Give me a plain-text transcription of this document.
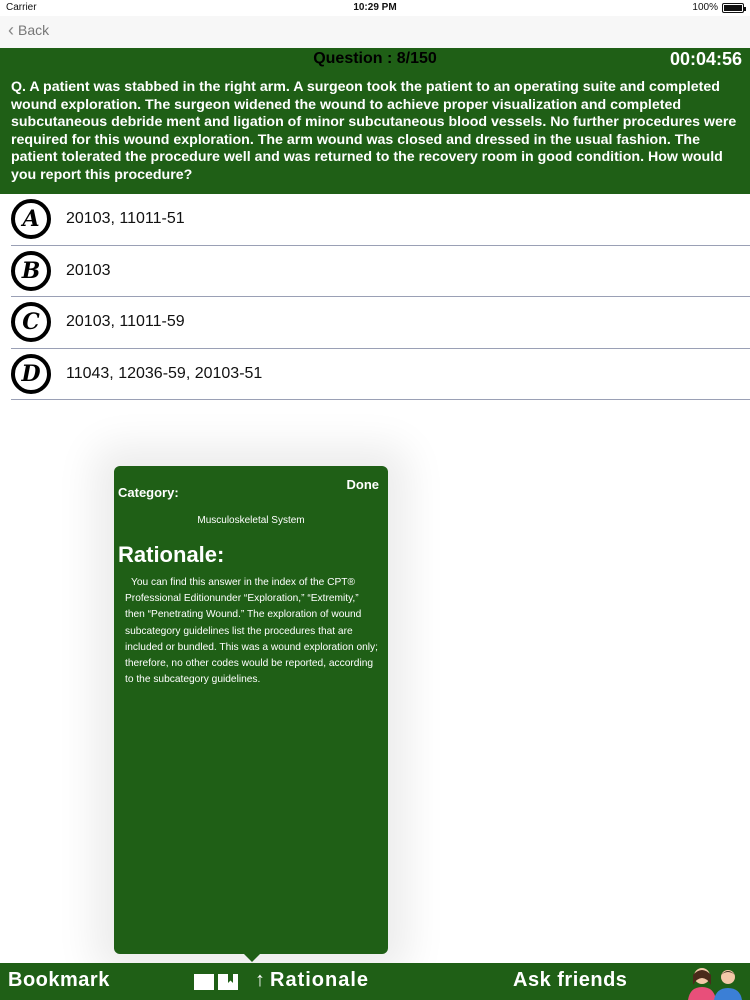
Carrier	10:29 PM	100%
‹ Back
Question : 8/150	00:04:56
Q. A patient was stabbed in the right arm. A surgeon took the patient to an operating suite and completed wound exploration. The surgeon widened the wound to achieve proper visualization and completed subcutaneous debride ment and ligation of minor subcutaneous blood vessels. No further procedures were required for this wound exploration. The arm wound was closed and dressed in the usual fashion. The patient tolerated the procedure well and was returned to the recovery room in good condition. How would you report this procedure?
A	20103, 11011-51
B	20103
C	20103, 11011-59
D	11043, 12036-59, 20103-51
Done
Category:
Musculoskeletal System
Rationale:
You can find this answer in the index of the CPT® Professional Editionunder “Exploration,” “Extremity,” then “Penetrating Wound.” The exploration of wound subcategory guidelines list the procedures that are included or bundled. This was a wound exploration only; therefore, no other codes would be reported, according to the subcategory guidelines.
Bookmark	↑ Rationale	Ask friends
